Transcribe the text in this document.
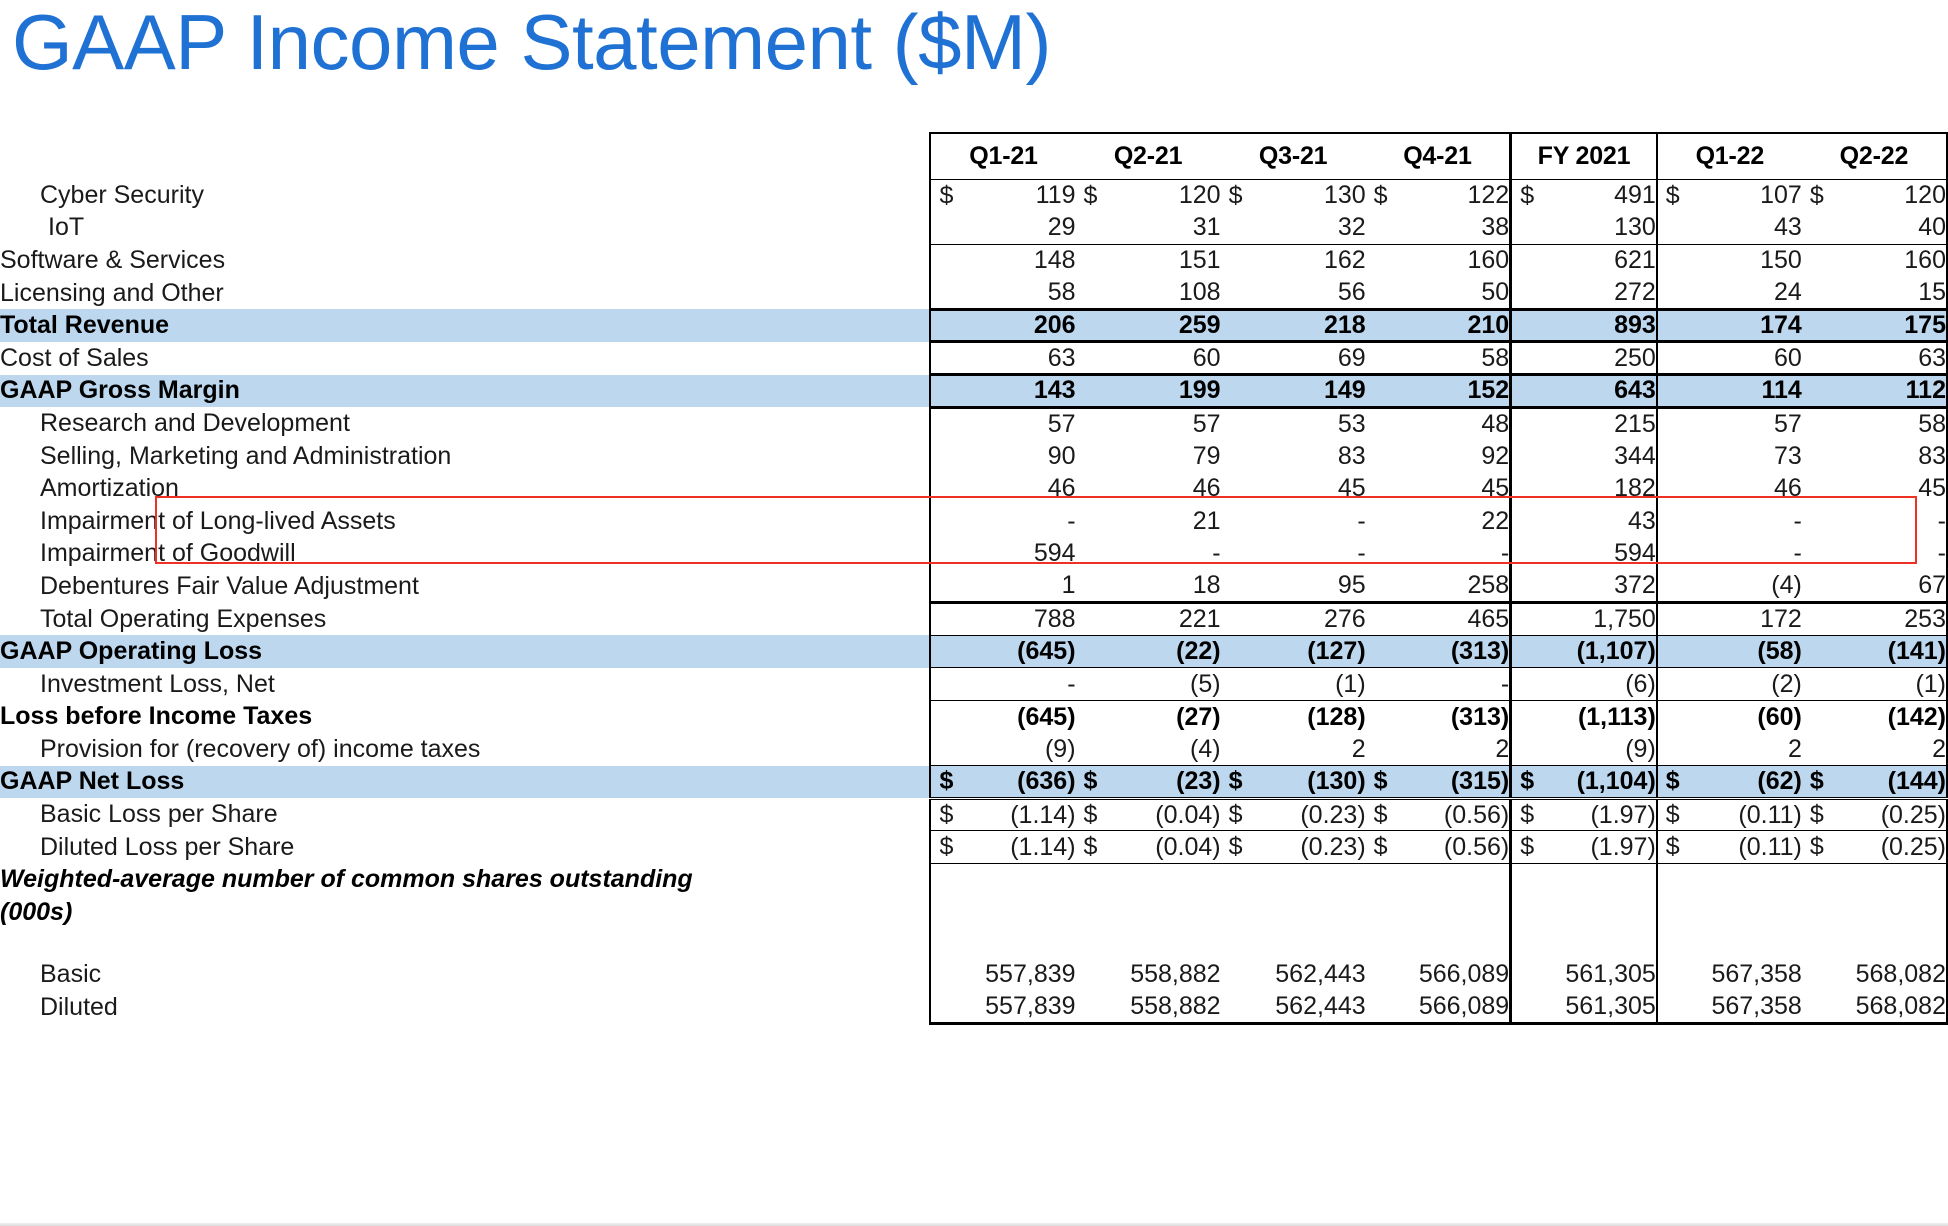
GAAP Income Statement ($M)
	Q1-21	Q2-21	Q3-21	Q4-21	FY 2021	Q1-22	Q2-22
Cyber Security	$ 119	$ 120	$ 130	$ 122	$ 491	$ 107	$ 120
IoT	29	31	32	38	130	43	40
Software & Services	148	151	162	160	621	150	160
Licensing and Other	58	108	56	50	272	24	15
Total Revenue	206	259	218	210	893	174	175
Cost of Sales	63	60	69	58	250	60	63
GAAP Gross Margin	143	199	149	152	643	114	112
Research and Development	57	57	53	48	215	57	58
Selling, Marketing and Administration	90	79	83	92	344	73	83
Amortization	46	46	45	45	182	46	45
Impairment of Long-lived Assets	-	21	-	22	43	-	-
Impairment of Goodwill	594	-	-	-	594	-	-
Debentures Fair Value Adjustment	1	18	95	258	372	(4)	67
Total Operating Expenses	788	221	276	465	1,750	172	253
GAAP Operating Loss	(645)	(22)	(127)	(313)	(1,107)	(58)	(141)
Investment Loss, Net	-	(5)	(1)	-	(6)	(2)	(1)
Loss before Income Taxes	(645)	(27)	(128)	(313)	(1,113)	(60)	(142)
Provision for (recovery of) income taxes	(9)	(4)	2	2	(9)	2	2
GAAP Net Loss	$ (636)	$ (23)	$ (130)	$ (315)	$ (1,104)	$ (62)	$ (144)
Basic Loss per Share	$ (1.14)	$ (0.04)	$ (0.23)	$ (0.56)	$ (1.97)	$ (0.11)	$ (0.25)
Diluted Loss per Share	$ (1.14)	$ (0.04)	$ (0.23)	$ (0.56)	$ (1.97)	$ (0.11)	$ (0.25)
Weighted-average number of common shares outstanding							
(000s)							

Basic	557,839	558,882	562,443	566,089	561,305	567,358	568,082
Diluted	557,839	558,882	562,443	566,089	561,305	567,358	568,082
